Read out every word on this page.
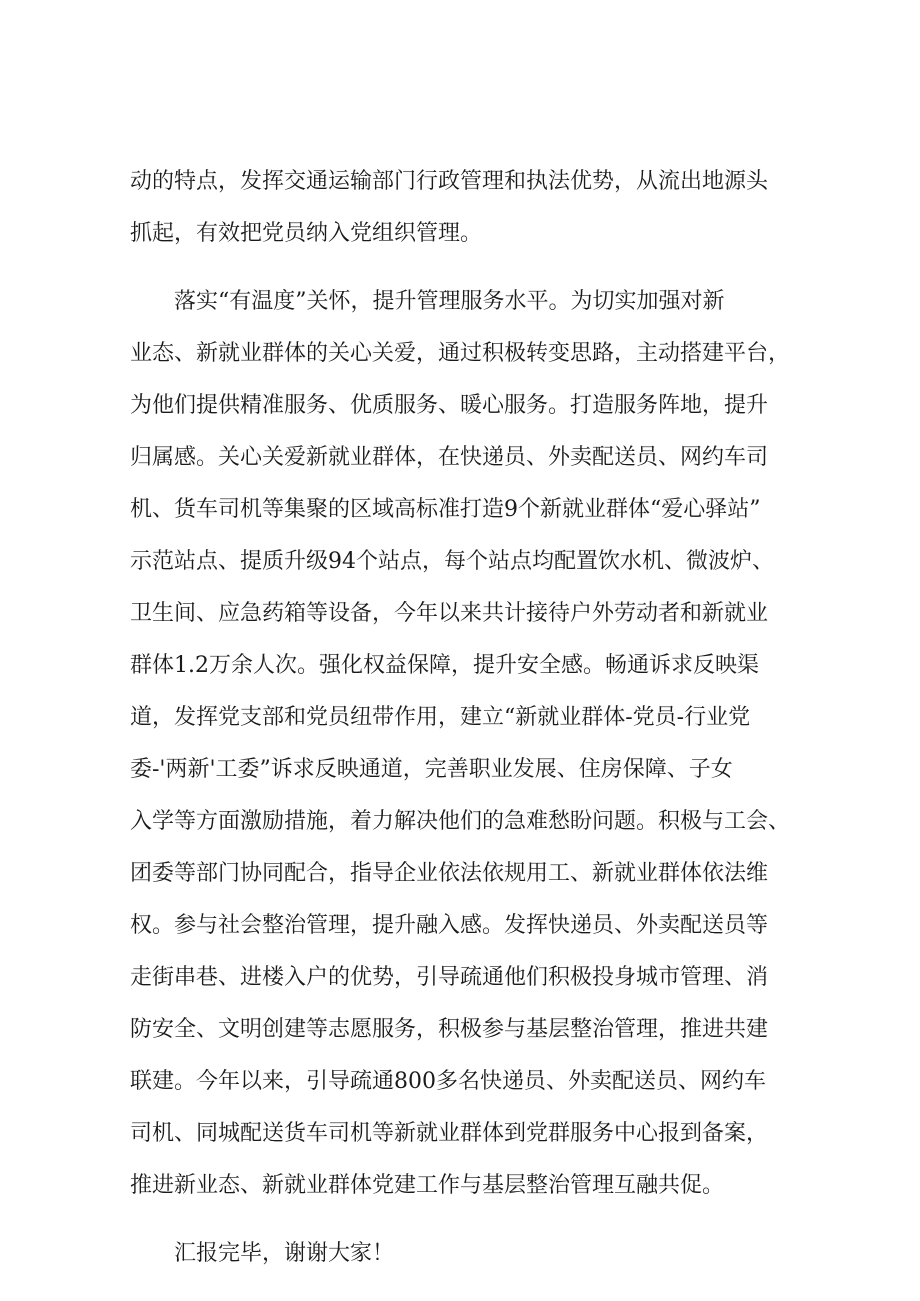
动的特点，发挥交通运输部门行政管理和执法优势，从流出地源头
抓起，有效把党员纳入党组织管理。
落实“有温度”关怀，提升管理服务水平。为切实加强对新
业态、新就业群体的关心关爱，通过积极转变思路，主动搭建平台，
为他们提供精准服务、优质服务、暖心服务。打造服务阵地，提升
归属感。关心关爱新就业群体，在快递员、外卖配送员、网约车司
机、货车司机等集聚的区域高标准打造9个新就业群体“爱心驿站”
示范站点、提质升级94个站点，每个站点均配置饮水机、微波炉、
卫生间、应急药箱等设备，今年以来共计接待户外劳动者和新就业
群体1.2万余人次。强化权益保障，提升安全感。畅通诉求反映渠
道，发挥党支部和党员纽带作用，建立“新就业群体-党员-行业党
委-'两新'工委”诉求反映通道，完善职业发展、住房保障、子女
入学等方面激励措施，着力解决他们的急难愁盼问题。积极与工会、
团委等部门协同配合，指导企业依法依规用工、新就业群体依法维
权。参与社会整治管理，提升融入感。发挥快递员、外卖配送员等
走街串巷、进楼入户的优势，引导疏通他们积极投身城市管理、消
防安全、文明创建等志愿服务，积极参与基层整治管理，推进共建
联建。今年以来，引导疏通800多名快递员、外卖配送员、网约车
司机、同城配送货车司机等新就业群体到党群服务中心报到备案，
推进新业态、新就业群体党建工作与基层整治管理互融共促。
汇报完毕，谢谢大家！
